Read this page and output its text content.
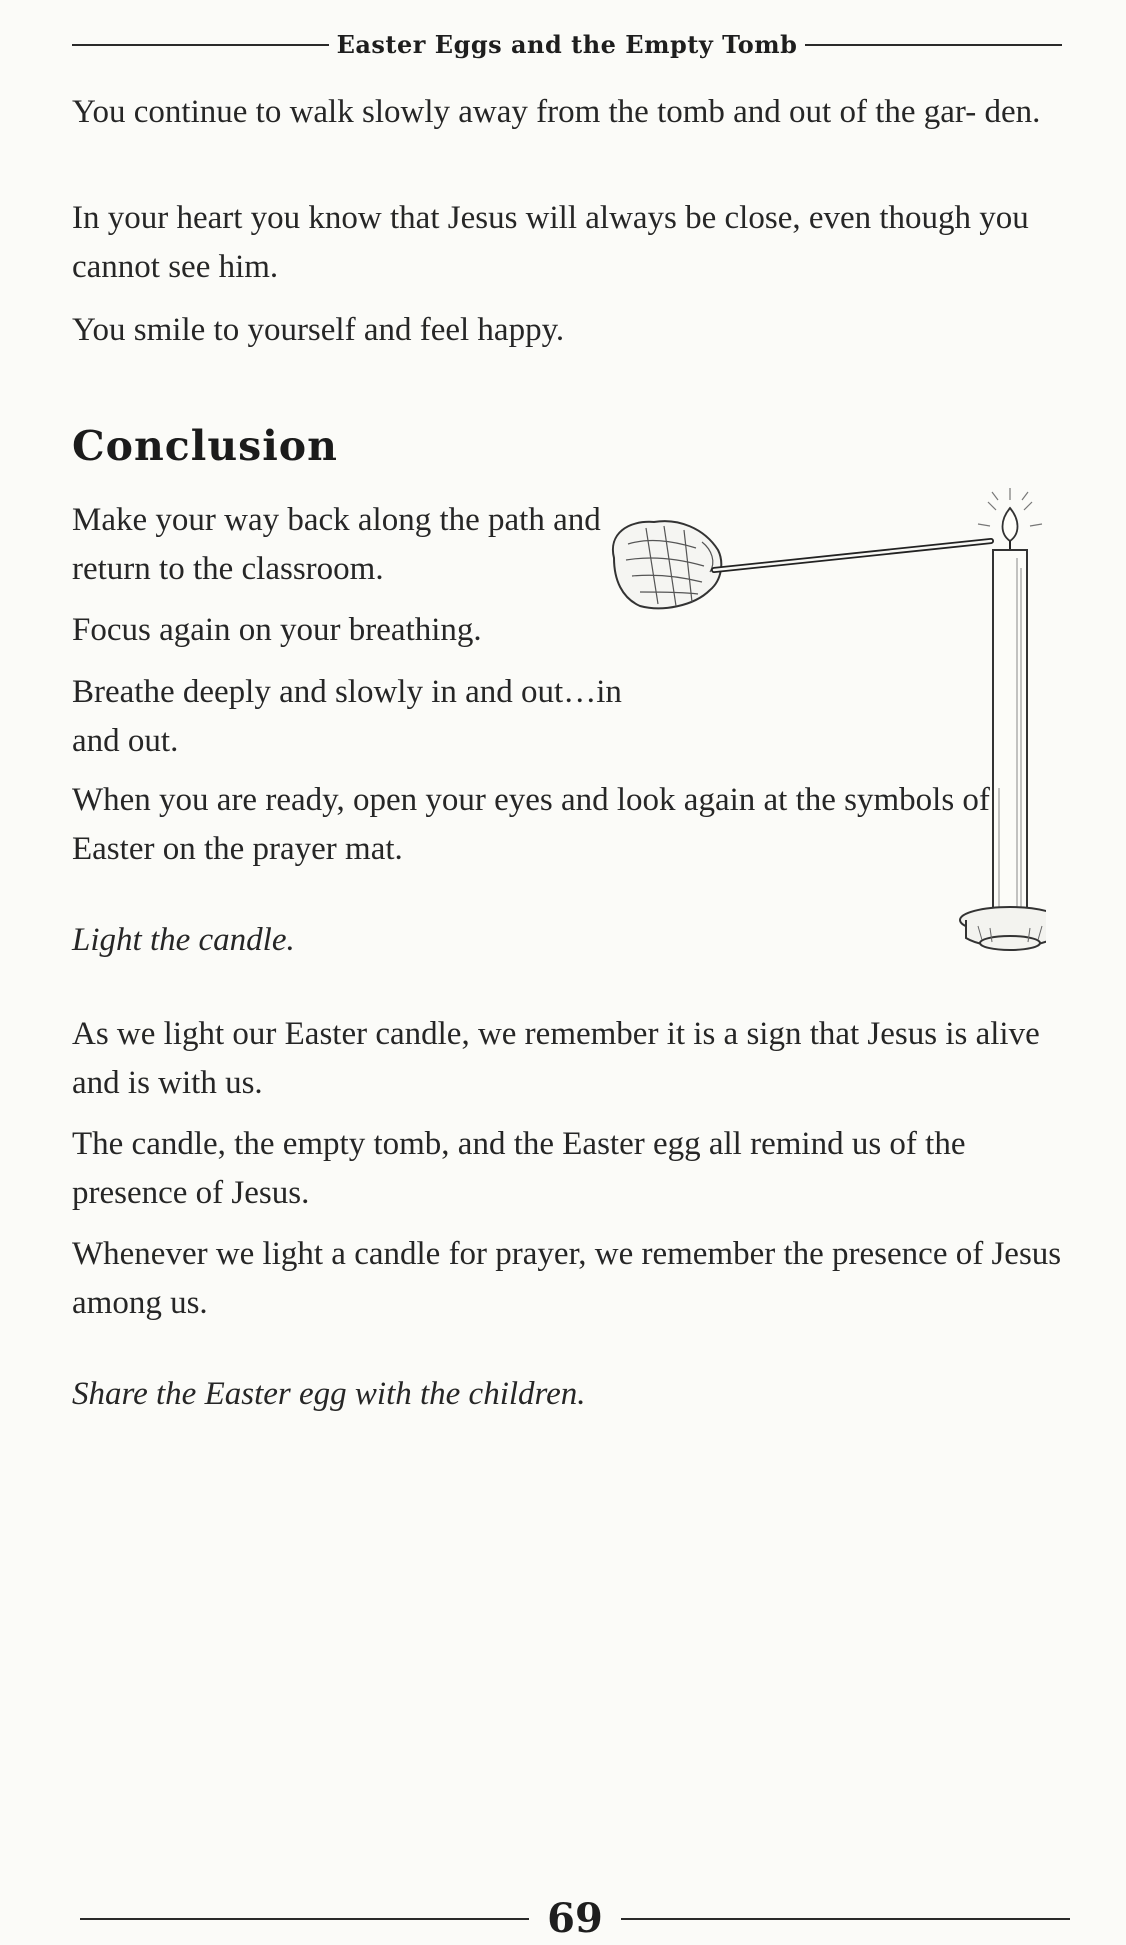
Easter Eggs and the Empty Tomb

You continue to walk slowly away from the tomb and out of the gar- den.

In your heart you know that Jesus will always be close, even though you cannot see him.

You smile to yourself and feel happy.

Conclusion

Make your way back along the path and return to the classroom.

Focus again on your breathing.

Breathe deeply and slowly in and out…in and out.

When you are ready, open your eyes and look again at the symbols of Easter on the prayer mat.

Light the candle.

As we light our Easter candle, we remember it is a sign that Jesus is alive and is with us.

The candle, the empty tomb, and the Easter egg all remind us of the presence of Jesus.

Whenever we light a candle for prayer, we remember the presence of Jesus among us.

Share the Easter egg with the children.

69
